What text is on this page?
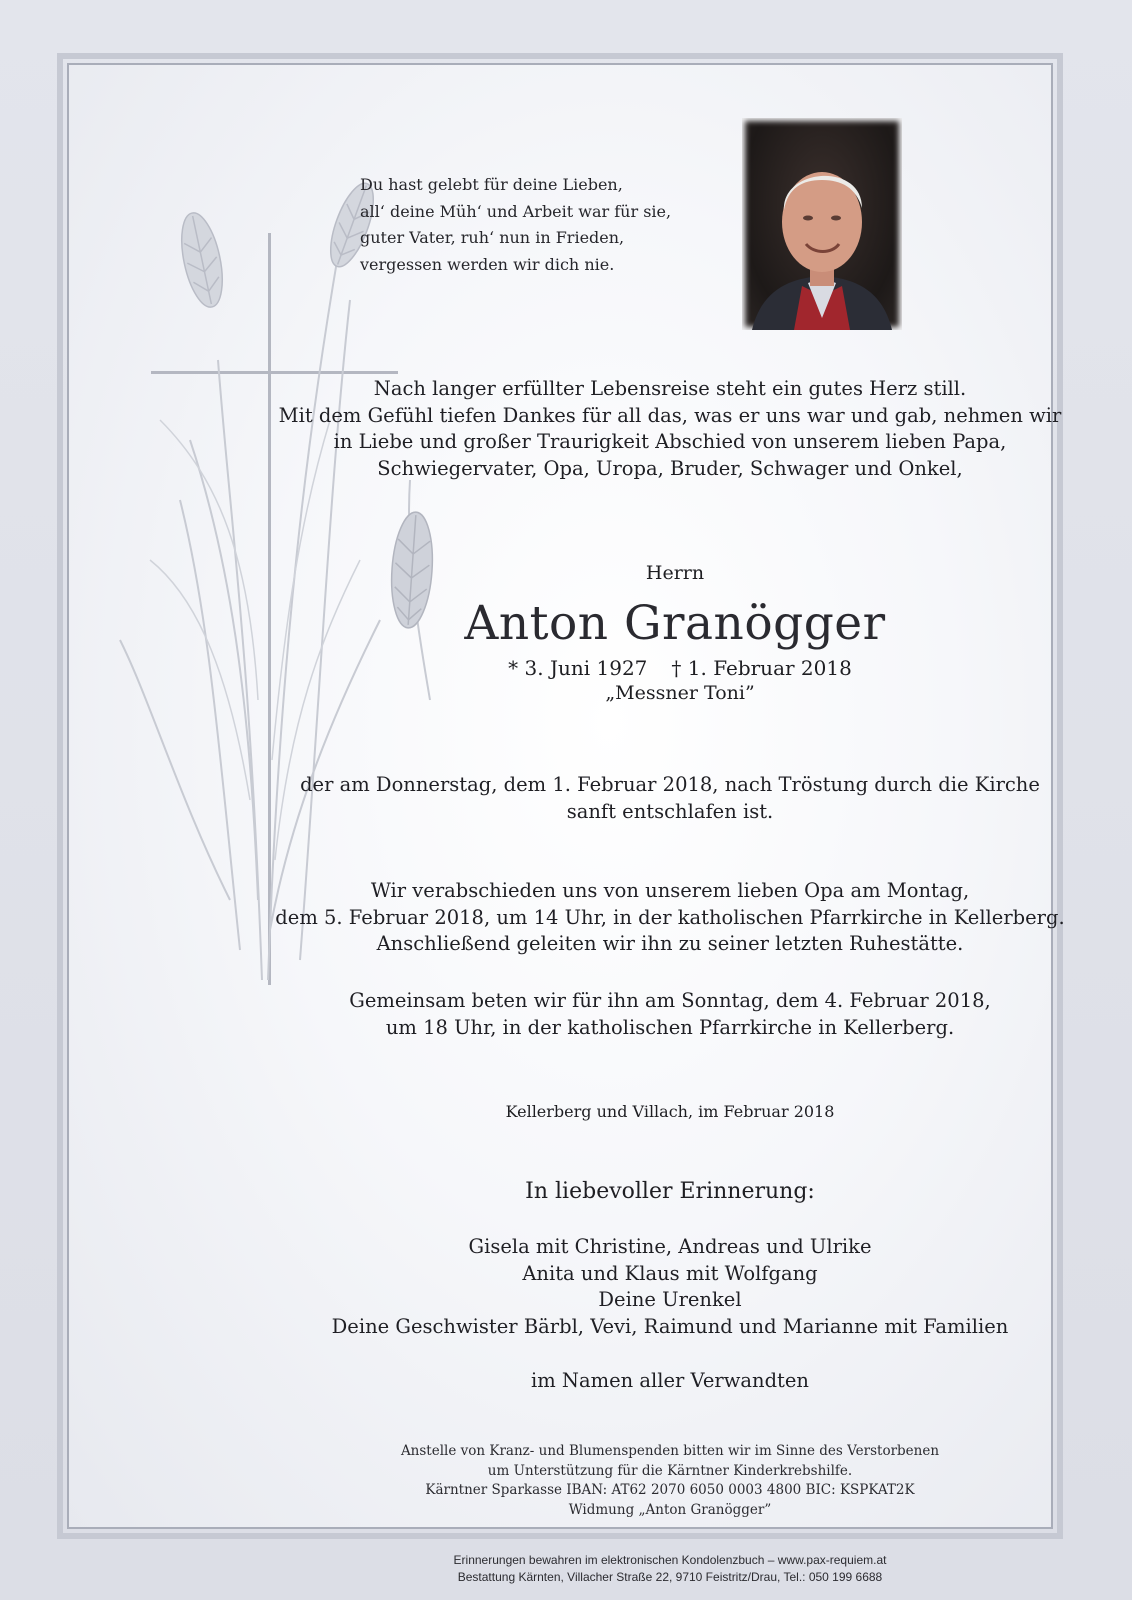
Du hast gelebt für deine Lieben,
all‘ deine Müh‘ und Arbeit war für sie,
guter Vater, ruh‘ nun in Frieden,
vergessen werden wir dich nie.
Nach langer erfüllter Lebensreise steht ein gutes Herz still.
Mit dem Gefühl tiefen Dankes für all das, was er uns war und gab, nehmen wir
in Liebe und großer Traurigkeit Abschied von unserem lieben Papa,
Schwiegervater, Opa, Uropa, Bruder, Schwager und Onkel,
Herrn
Anton Granögger
* 3. Juni 1927 † 1. Februar 2018
„Messner Toni”
der am Donnerstag, dem 1. Februar 2018, nach Tröstung durch die Kirche
sanft entschlafen ist.
Wir verabschieden uns von unserem lieben Opa am Montag,
dem 5. Februar 2018, um 14 Uhr, in der katholischen Pfarrkirche in Kellerberg.
Anschließend geleiten wir ihn zu seiner letzten Ruhestätte.
Gemeinsam beten wir für ihn am Sonntag, dem 4. Februar 2018,
um 18 Uhr, in der katholischen Pfarrkirche in Kellerberg.
Kellerberg und Villach, im Februar 2018
In liebevoller Erinnerung:
Gisela mit Christine, Andreas und Ulrike
Anita und Klaus mit Wolfgang
Deine Urenkel
Deine Geschwister Bärbl, Vevi, Raimund und Marianne mit Familien
im Namen aller Verwandten
Anstelle von Kranz- und Blumenspenden bitten wir im Sinne des Verstorbenen
um Unterstützung für die Kärntner Kinderkrebshilfe.
Kärntner Sparkasse IBAN: AT62 2070 6050 0003 4800 BIC: KSPKAT2K
Widmung „Anton Granögger”
Erinnerungen bewahren im elektronischen Kondolenzbuch – www.pax-requiem.at
Bestattung Kärnten, Villacher Straße 22, 9710 Feistritz/Drau, Tel.: 050 199 6688
